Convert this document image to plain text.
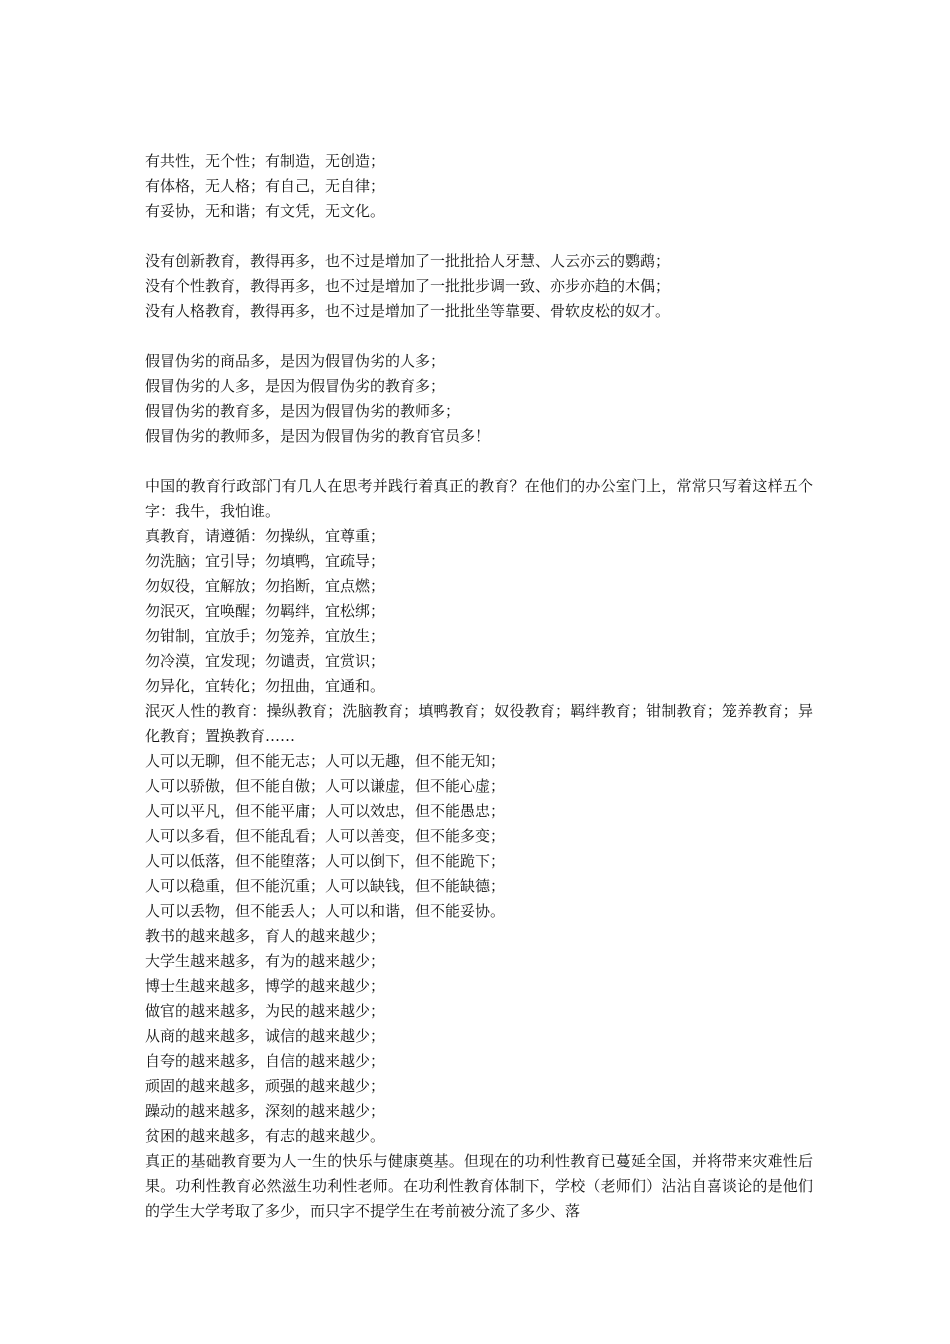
有共性，无个性；有制造，无创造；
有体格，无人格；有自己，无自律；
有妥协，无和谐；有文凭，无文化。
没有创新教育，教得再多，也不过是增加了一批批拾人牙慧、人云亦云的鹦鹉；
没有个性教育，教得再多，也不过是增加了一批批步调一致、亦步亦趋的木偶；
没有人格教育，教得再多，也不过是增加了一批批坐等靠要、骨软皮松的奴才。
假冒伪劣的商品多，是因为假冒伪劣的人多；
假冒伪劣的人多，是因为假冒伪劣的教育多；
假冒伪劣的教育多，是因为假冒伪劣的教师多；
假冒伪劣的教师多，是因为假冒伪劣的教育官员多！
中国的教育行政部门有几人在思考并践行着真正的教育？在他们的办公室门上，常常只写着这样五个字：我牛，我怕谁。
真教育，请遵循：勿操纵，宜尊重；
勿洗脑；宜引导；勿填鸭，宜疏导；
勿奴役，宜解放；勿掐断，宜点燃；
勿泯灭，宜唤醒；勿羁绊，宜松绑；
勿钳制，宜放手；勿笼养，宜放生；
勿冷漠，宜发现；勿谴责，宜赏识；
勿异化，宜转化；勿扭曲，宜通和。
泯灭人性的教育：操纵教育；洗脑教育；填鸭教育；奴役教育；羁绊教育；钳制教育；笼养教育；异化教育；置换教育……
人可以无聊，但不能无志；人可以无趣，但不能无知；
人可以骄傲，但不能自傲；人可以谦虚，但不能心虚；
人可以平凡，但不能平庸；人可以效忠，但不能愚忠；
人可以多看，但不能乱看；人可以善变，但不能多变；
人可以低落，但不能堕落；人可以倒下，但不能跪下；
人可以稳重，但不能沉重；人可以缺钱，但不能缺德；
人可以丢物，但不能丢人；人可以和谐，但不能妥协。
教书的越来越多，育人的越来越少；
大学生越来越多，有为的越来越少；
博士生越来越多，博学的越来越少；
做官的越来越多，为民的越来越少；
从商的越来越多，诚信的越来越少；
自夸的越来越多，自信的越来越少；
顽固的越来越多，顽强的越来越少；
躁动的越来越多，深刻的越来越少；
贫困的越来越多，有志的越来越少。
真正的基础教育要为人一生的快乐与健康奠基。但现在的功利性教育已蔓延全国，并将带来灾难性后果。功利性教育必然滋生功利性老师。在功利性教育体制下，学校（老师们）沾沾自喜谈论的是他们的学生大学考取了多少，而只字不提学生在考前被分流了多少、落
